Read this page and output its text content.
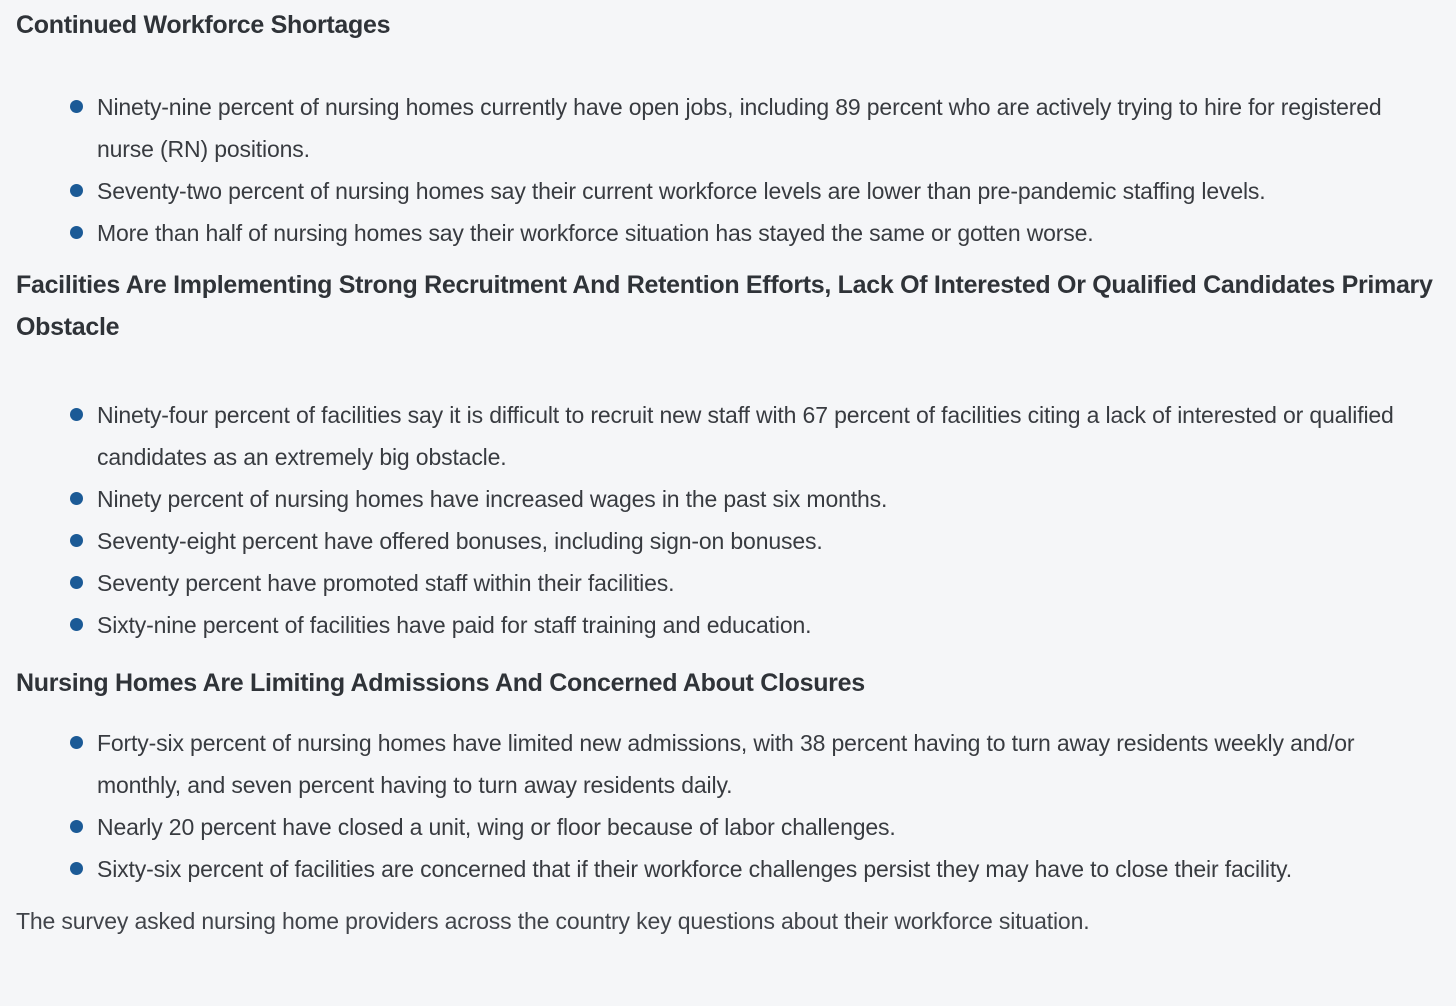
Continued Workforce Shortages
Ninety-nine percent of nursing homes currently have open jobs, including 89 percent who are actively trying to hire for registered nurse (RN) positions.
Seventy-two percent of nursing homes say their current workforce levels are lower than pre-pandemic staffing levels.
More than half of nursing homes say their workforce situation has stayed the same or gotten worse.
Facilities Are Implementing Strong Recruitment And Retention Efforts, Lack Of Interested Or Qualified Candidates Primary Obstacle
Ninety-four percent of facilities say it is difficult to recruit new staff with 67 percent of facilities citing a lack of interested or qualified candidates as an extremely big obstacle.
Ninety percent of nursing homes have increased wages in the past six months.
Seventy-eight percent have offered bonuses, including sign-on bonuses.
Seventy percent have promoted staff within their facilities.
Sixty-nine percent of facilities have paid for staff training and education.
Nursing Homes Are Limiting Admissions And Concerned About Closures
Forty-six percent of nursing homes have limited new admissions, with 38 percent having to turn away residents weekly and/or monthly, and seven percent having to turn away residents daily.
Nearly 20 percent have closed a unit, wing or floor because of labor challenges.
Sixty-six percent of facilities are concerned that if their workforce challenges persist they may have to close their facility.

The survey asked nursing home providers across the country key questions about their workforce situation.
